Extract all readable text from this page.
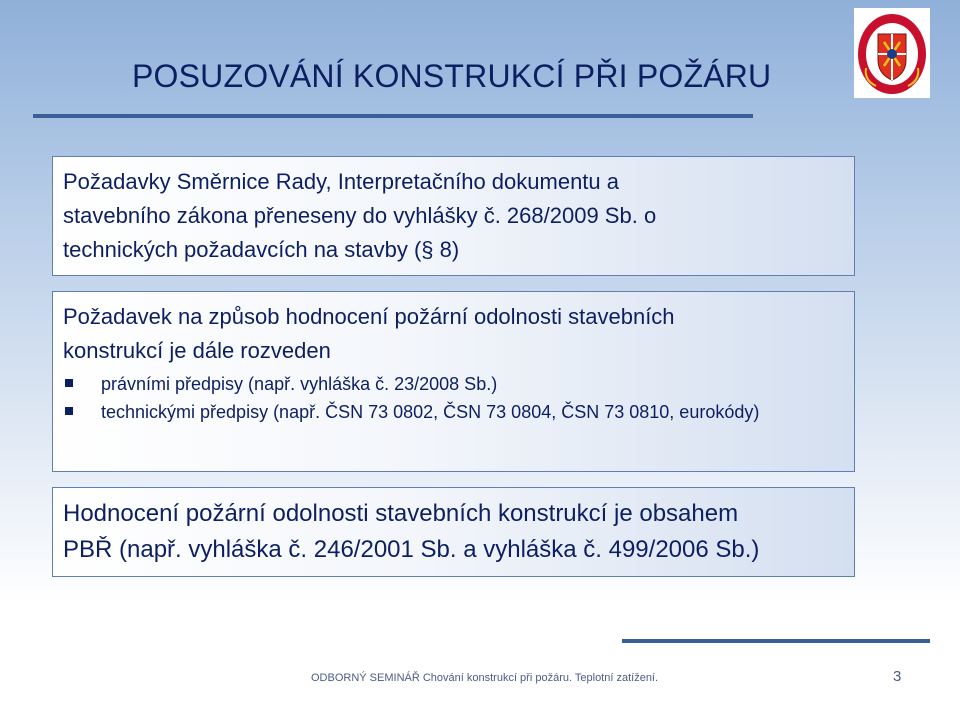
POSUZOVÁNÍ KONSTRUKCÍ PŘI POŽÁRU

Požadavky Směrnice Rady, Interpretačního dokumentu a

stavebního zákona přeneseny do vyhlášky č. 268/2009 Sb. o

technických požadavcích na stavby (§ 8)

Požadavek na způsob hodnocení požární odolnosti stavebních

konstrukcí je dále rozveden

právními předpisy (např. vyhláška č. 23/2008 Sb.)
technickými předpisy (např. ČSN 73 0802, ČSN 73 0804, ČSN 73 0810, eurokódy)

Hodnocení požární odolnosti stavebních konstrukcí je obsahem

PBŘ (např. vyhláška č. 246/2001 Sb. a vyhláška č. 499/2006 Sb.)

ODBORNÝ SEMINÁŘ Chování konstrukcí při požáru. Teplotní zatížení.	3
